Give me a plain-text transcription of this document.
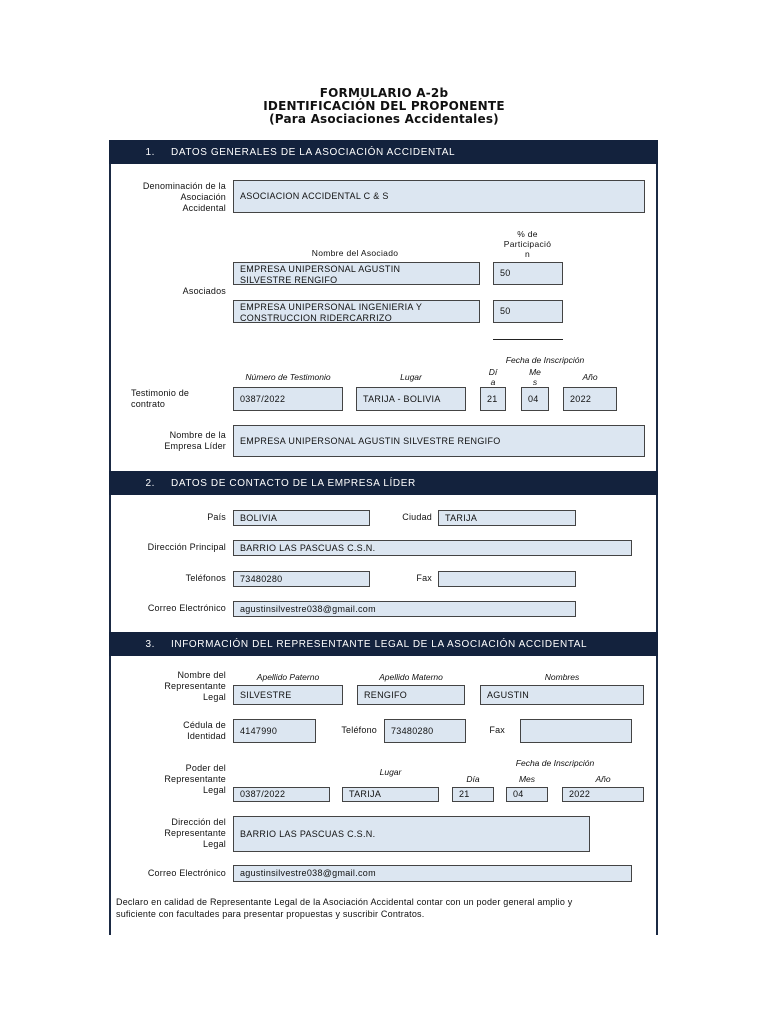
FORMULARIO A-2b
IDENTIFICACIÓN DEL PROPONENTE
(Para Asociaciones Accidentales)
1. DATOS GENERALES DE LA ASOCIACIÓN ACCIDENTAL
Denominación de la
Asociación
Accidental
ASOCIACION ACCIDENTAL C & S
Nombre del Asociado
% de
Participació
n
Asociados
EMPRESA UNIPERSONAL AGUSTIN
SILVESTRE RENGIFO
50
EMPRESA UNIPERSONAL INGENIERIA Y
CONSTRUCCION RIDERCARRIZO
50
Fecha de Inscripción
Número de Testimonio	Lugar	Dí
a
Me
s	Año
Testimonio de
contrato
0387/2022	TARIJA - BOLIVIA	21	04	2022
Nombre de la
Empresa Líder
EMPRESA UNIPERSONAL AGUSTIN SILVESTRE RENGIFO
2. DATOS DE CONTACTO DE LA EMPRESA LÍDER
País BOLIVIA	Ciudad TARIJA
Dirección Principal BARRIO LAS PASCUAS C.S.N.
Teléfonos 73480280	Fax
Correo Electrónico agustinsilvestre038@gmail.com
3. INFORMACIÓN DEL REPRESENTANTE LEGAL DE LA ASOCIACIÓN ACCIDENTAL
Apellido Paterno	Apellido Materno	Nombres
Nombre del
Representante
Legal SILVESTRE	RENGIFO	AGUSTIN
Cédula de
Identidad
4147990	Teléfono 73480280	Fax
Fecha de Inscripción
Lugar
Día	Mes	Año
Poder del
Representante
Legal 0387/2022	TARIJA	21	04	2022
Dirección del
Representante
Legal
BARRIO LAS PASCUAS C.S.N.
Correo Electrónico agustinsilvestre038@gmail.com
Declaro en calidad de Representante Legal de la Asociación Accidental contar con un poder general amplio y
suficiente con facultades para presentar propuestas y suscribir Contratos.
